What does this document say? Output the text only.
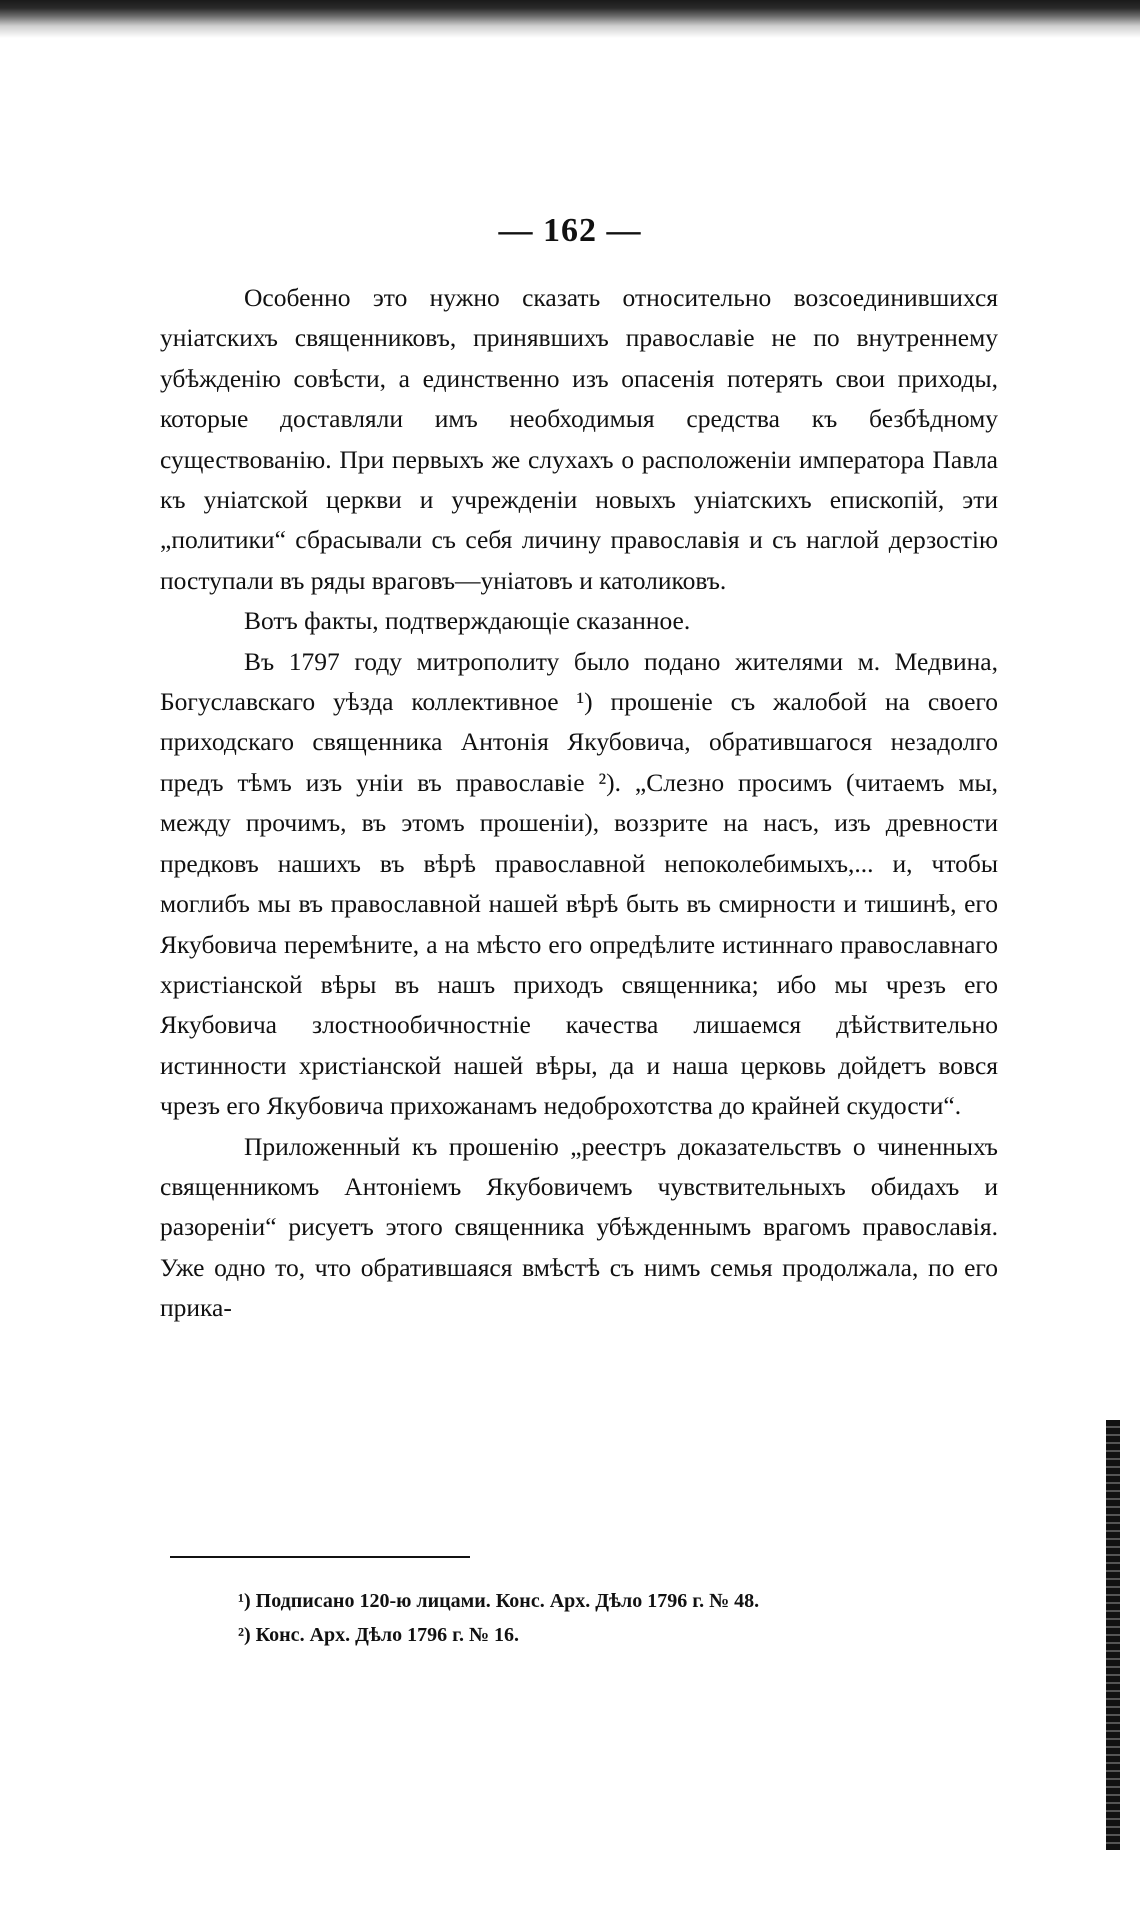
— 162 —

Особенно это нужно сказать относительно возсоединившихся уніатскихъ священниковъ, принявшихъ православіе не по внутреннему убѣжденію совѣсти, а единственно изъ опасенія потерять свои приходы, которые доставляли имъ необходимыя средства къ безбѣдному существованію. При первыхъ же слухахъ о расположеніи императора Павла къ уніатской церкви и учрежденіи новыхъ уніатскихъ епископій, эти „политики“ сбрасывали съ себя личину православія и съ наглой дерзостію поступали въ ряды враговъ—уніатовъ и католиковъ.

Вотъ факты, подтверждающіе сказанное.

Въ 1797 году митрополиту было подано жителями м. Медвина, Богуславскаго уѣзда коллективное ¹) прошеніе съ жалобой на своего приходскаго священника Антонія Якубовича, обратившагося незадолго предъ тѣмъ изъ уніи въ православіе ²). „Слезно просимъ (читаемъ мы, между прочимъ, въ этомъ прошеніи), воззрите на насъ, изъ древности предковъ нашихъ въ вѣрѣ православной непоколебимыхъ,... и, чтобы моглибъ мы въ православной нашей вѣрѣ быть въ смирности и тишинѣ, его Якубовича перемѣните, а на мѣсто его опредѣлите истиннаго православнаго христіанской вѣры въ нашъ приходъ священника; ибо мы чрезъ его Якубовича злостнообичностніе качества лишаемся дѣйствительно истинности христіанской нашей вѣры, да и наша церковь дойдетъ вовся чрезъ его Якубовича прихожанамъ недоброхотства до крайней скудости“.

Приложенный къ прошенію „реестръ доказательствъ о чиненныхъ священникомъ Антоніемъ Якубовичемъ чувствительныхъ обидахъ и разореніи“ рисуетъ этого священника убѣжденнымъ врагомъ православія. Уже одно то, что обратившаяся вмѣстѣ съ нимъ семья продолжала, по его прика-

¹) Подписано 120-ю лицами. Конс. Арх. Дѣло 1796 г. № 48.

²) Конс. Арх. Дѣло 1796 г. № 16.
